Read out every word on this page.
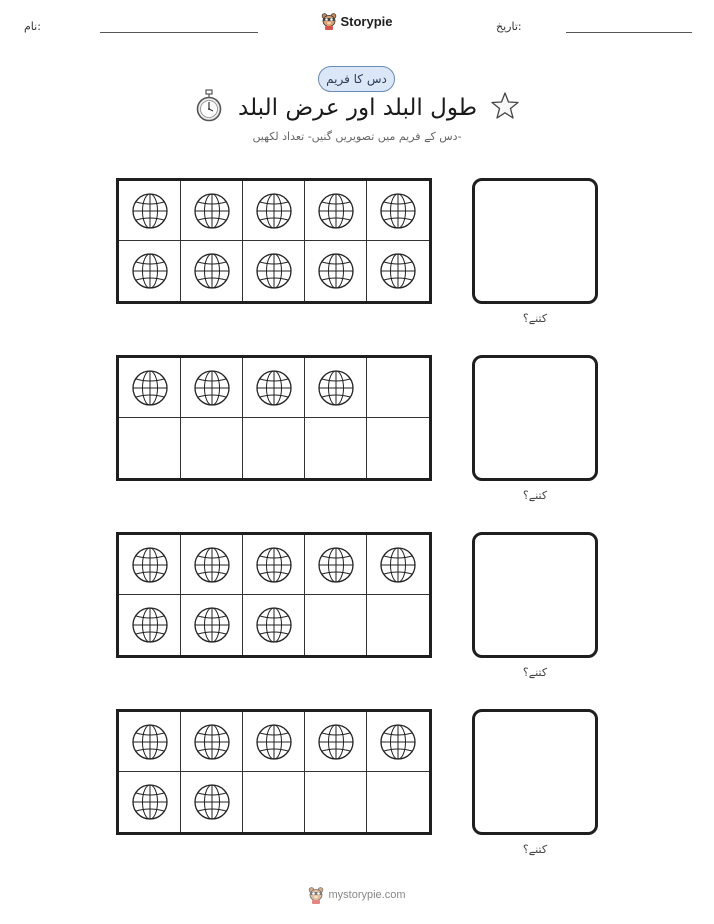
نام:	Storypie	تاریخ:
دس کا فریم
طول البلد اور عرض البلد
دس کے فریم میں تصویریں گنیں- تعداد لکھیں-
کتنے؟
کتنے؟
کتنے؟
کتنے؟
mystorypie.com
